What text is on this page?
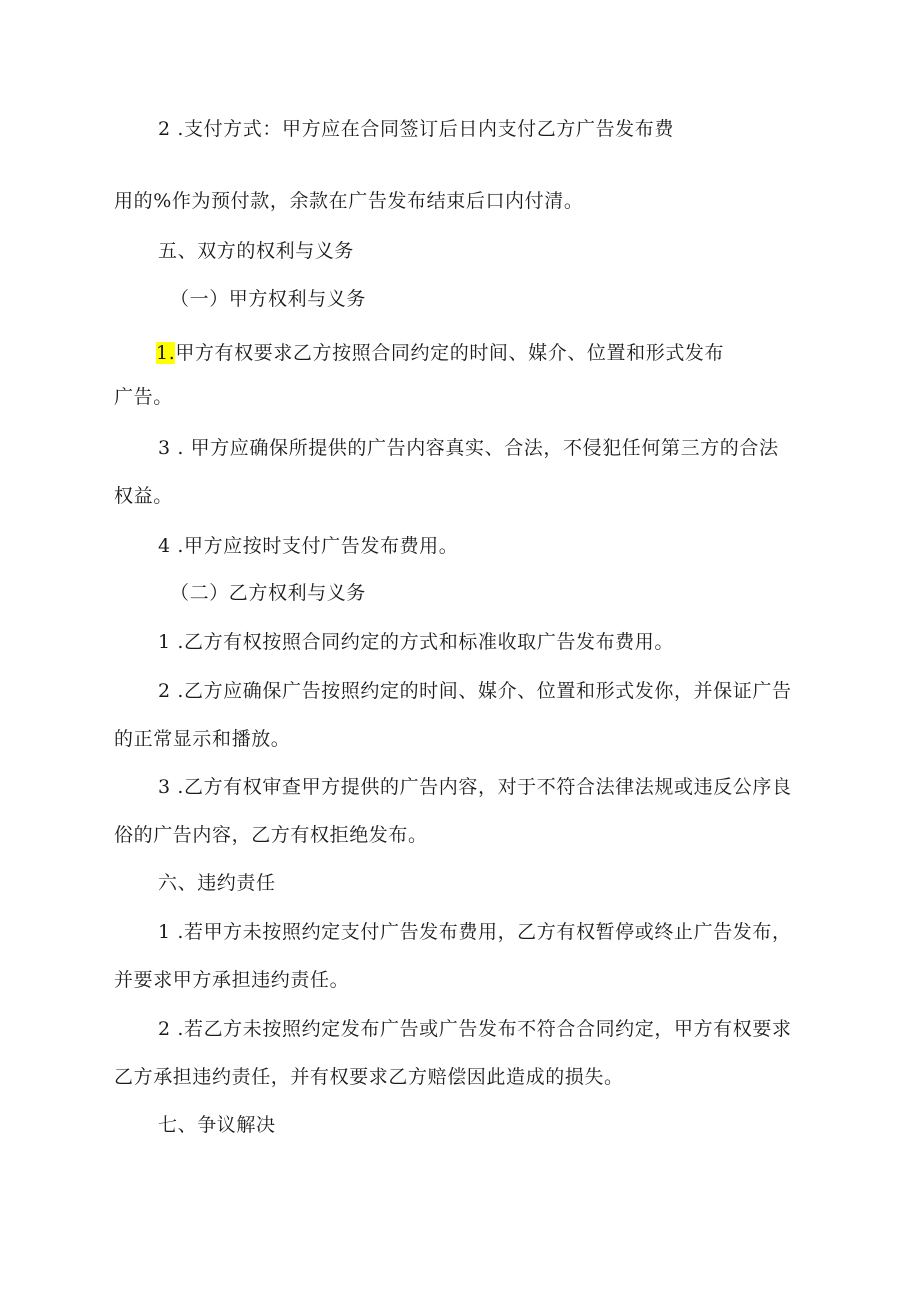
2 .支付方式：甲方应在合同签订后日内支付乙方广告发布费
用的%作为预付款，余款在广告发布结束后口内付清。
五、双方的权利与义务
（一）甲方权利与义务
1.甲方有权要求乙方按照合同约定的时间、媒介、位置和形式发布
广告。
3 . 甲方应确保所提供的广告内容真实、合法，不侵犯任何第三方的合法
权益。
4 .甲方应按时支付广告发布费用。
（二）乙方权利与义务
1 .乙方有权按照合同约定的方式和标准收取广告发布费用。
2 .乙方应确保广告按照约定的时间、媒介、位置和形式发你，并保证广告
的正常显示和播放。
3 .乙方有权审查甲方提供的广告内容，对于不符合法律法规或违反公序良
俗的广告内容，乙方有权拒绝发布。
六、违约责任
1 .若甲方未按照约定支付广告发布费用，乙方有权暂停或终止广告发布，
并要求甲方承担违约责任。
2 .若乙方未按照约定发布广告或广告发布不符合合同约定，甲方有权要求
乙方承担违约责任，并有权要求乙方赔偿因此造成的损失。
七、争议解决
